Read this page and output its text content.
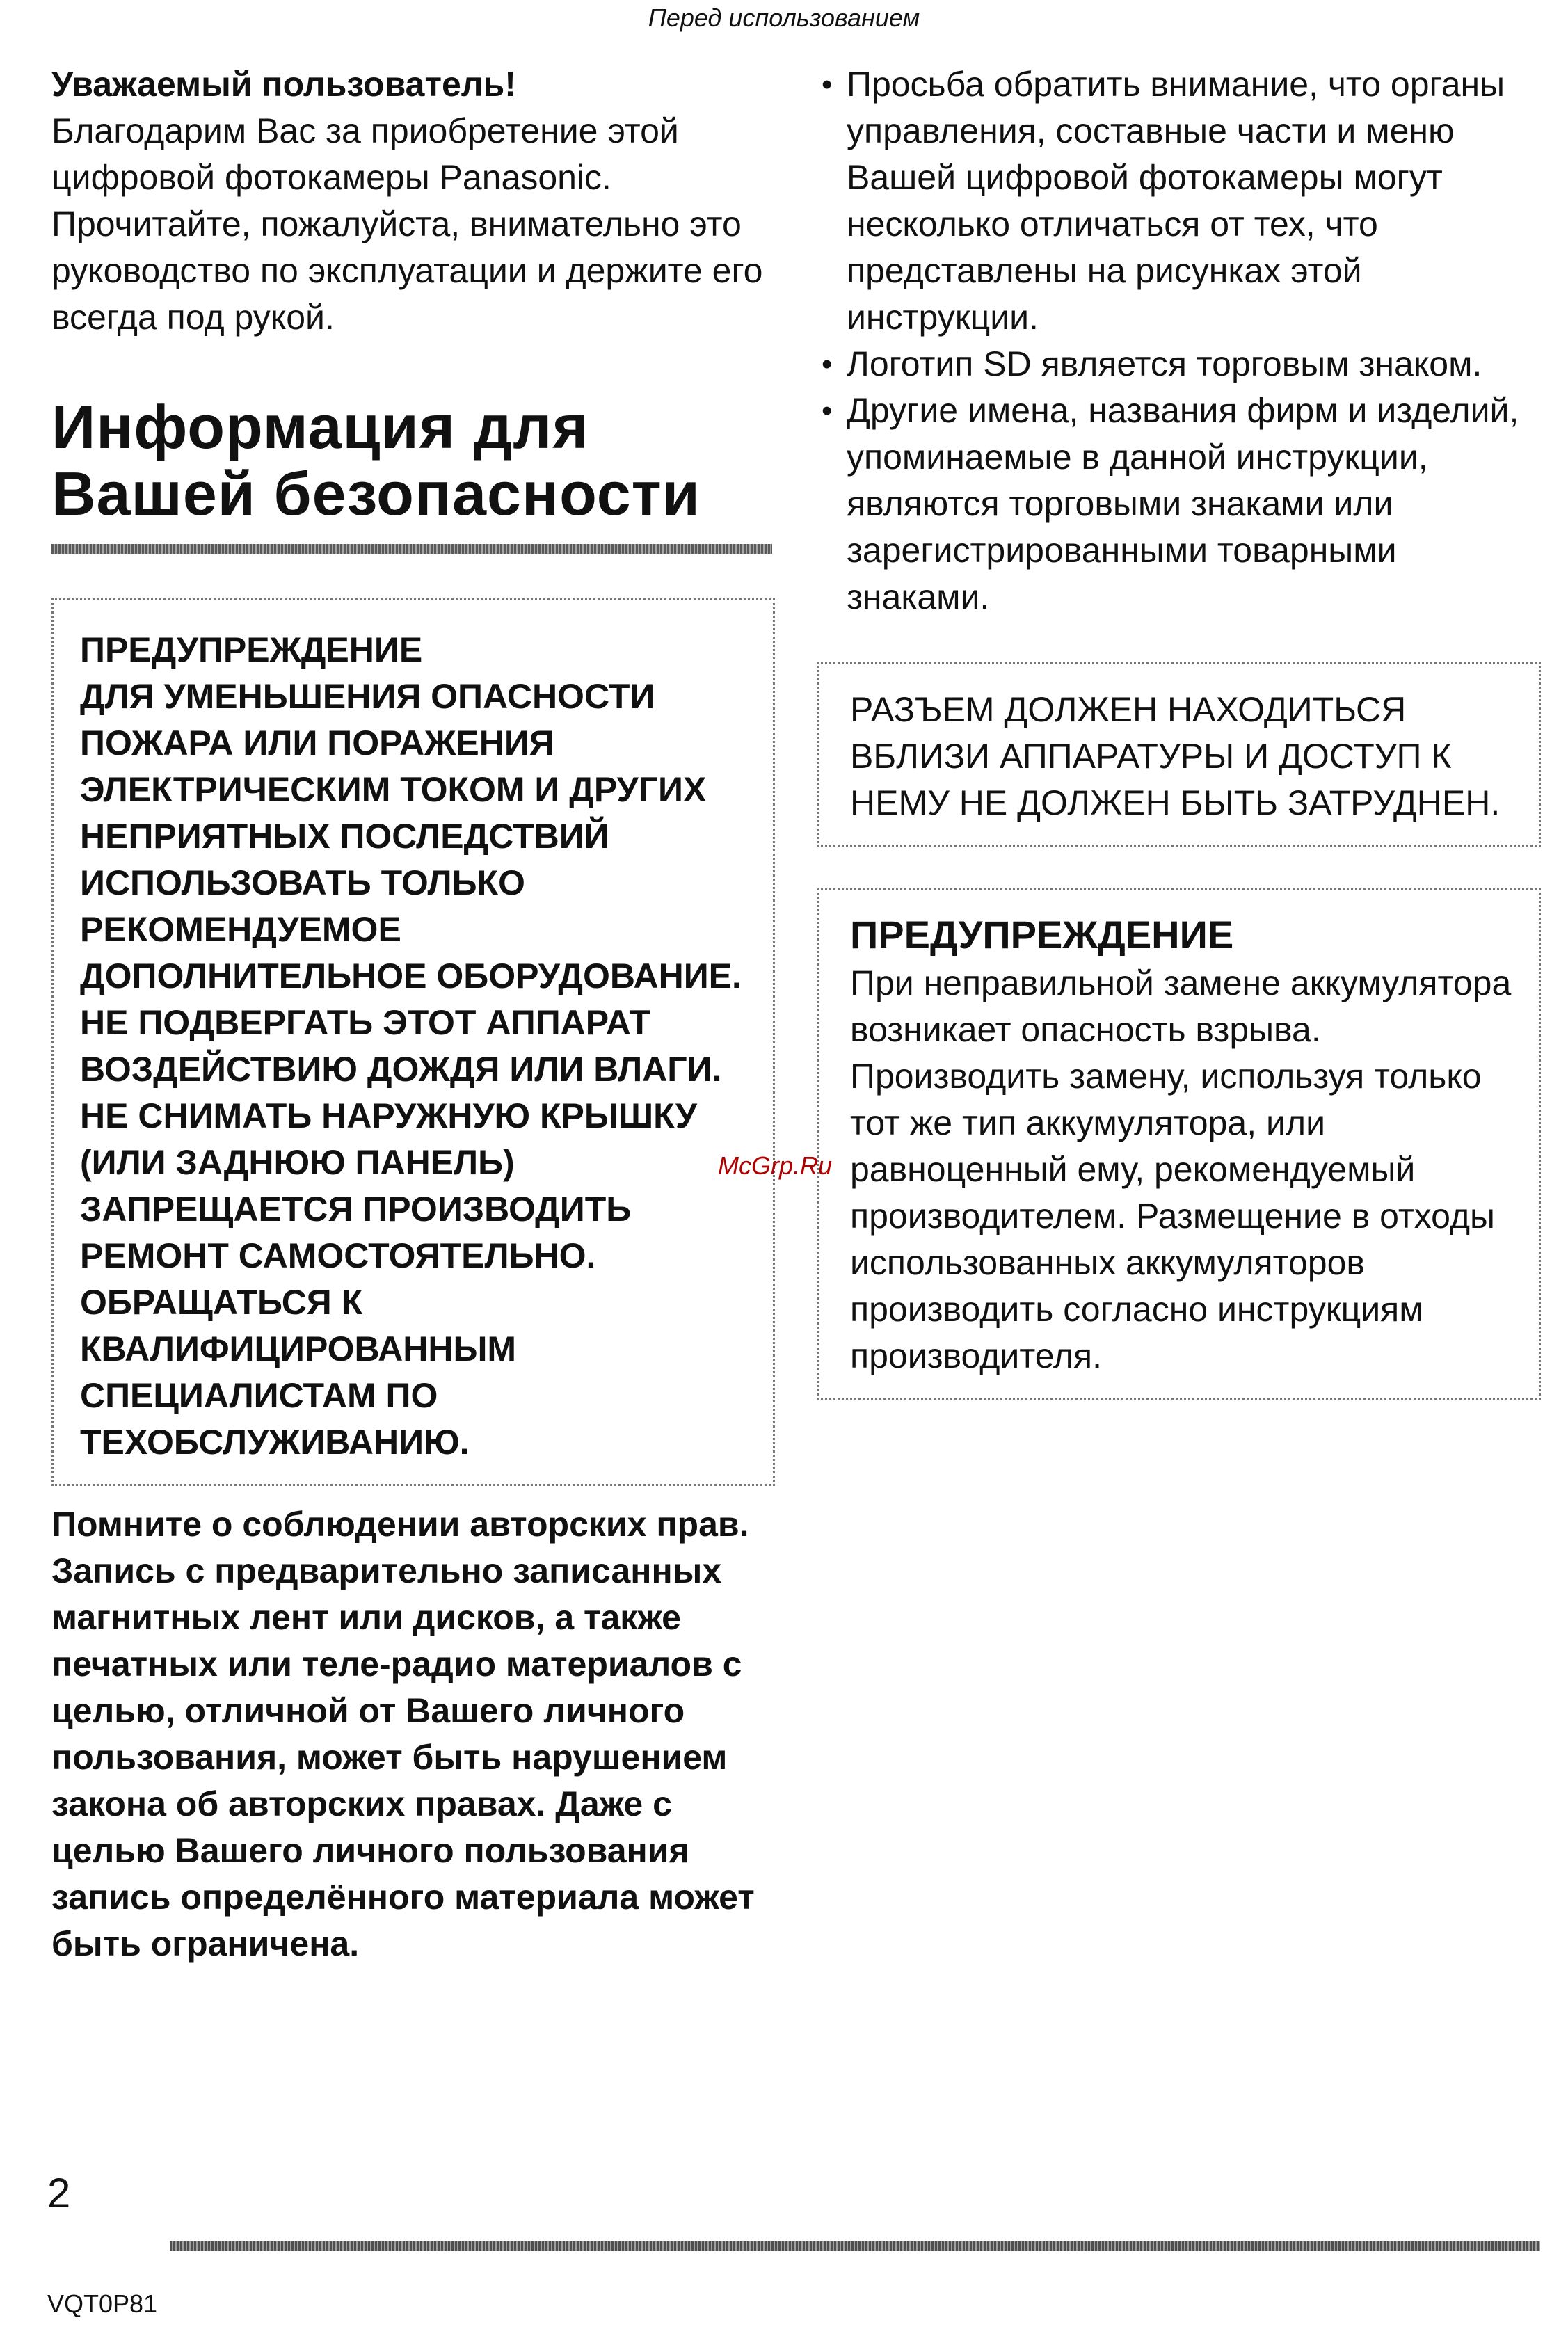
Перед использованием

Уважаемый пользователь!

Благодарим Вас за приобретение этой цифровой фотокамеры Panasonic. Прочитайте, пожалуйста, внимательно это руководство по эксплуатации и держите его всегда под рукой.

Информация для
Вашей безопасности

ПРЕДУПРЕЖДЕНИЕ

ДЛЯ УМЕНЬШЕНИЯ ОПАСНОСТИ ПОЖАРА ИЛИ ПОРАЖЕНИЯ ЭЛЕКТРИЧЕСКИМ ТОКОМ И ДРУГИХ НЕПРИЯТНЫХ ПОСЛЕДСТВИЙ ИСПОЛЬЗОВАТЬ ТОЛЬКО РЕКОМЕНДУЕМОЕ ДОПОЛНИТЕЛЬНОЕ ОБОРУДОВАНИЕ. НЕ ПОДВЕРГАТЬ ЭТОТ АППАРАТ ВОЗДЕЙСТВИЮ ДОЖДЯ ИЛИ ВЛАГИ. НЕ СНИМАТЬ НАРУЖНУЮ КРЫШКУ (ИЛИ ЗАДНЮЮ ПАНЕЛЬ) ЗАПРЕЩАЕТСЯ ПРОИЗВОДИТЬ РЕМОНТ САМОСТОЯТЕЛЬНО. ОБРАЩАТЬСЯ К КВАЛИФИЦИРОВАННЫМ СПЕЦИАЛИСТАМ ПО ТЕХОБСЛУЖИВАНИЮ.

Помните о соблюдении авторских прав.

Запись с предварительно записанных магнитных лент или дисков, а также печатных или теле-радио материалов с целью, отличной от Вашего личного пользования, может быть нарушением закона об авторских правах. Даже с целью Вашего личного пользования запись определённого материала может быть ограничена.

• Просьба обратить внимание, что органы управления, составные части и меню Вашей цифровой фотокамеры могут несколько отличаться от тех, что представлены на рисунках этой инструкции.
• Логотип SD является торговым знаком.
• Другие имена, названия фирм и изделий, упоминаемые в данной инструкции, являются торговыми знаками или зарегистрированными товарными знаками.
РАЗЪЕМ ДОЛЖЕН НАХОДИТЬСЯ ВБЛИЗИ АППАРАТУРЫ И ДОСТУП К НЕМУ НЕ ДОЛЖЕН БЫТЬ ЗАТРУДНЕН.

ПРЕДУПРЕЖДЕНИЕ

При неправильной замене аккумулятора возникает опасность взрыва. Производить замену, используя только тот же тип аккумулятора, или равноценный ему, рекомендуемый производителем. Размещение в отходы использованных аккумуляторов производить согласно инструкциям производителя.

McGrp.Ru
2
VQT0P81
